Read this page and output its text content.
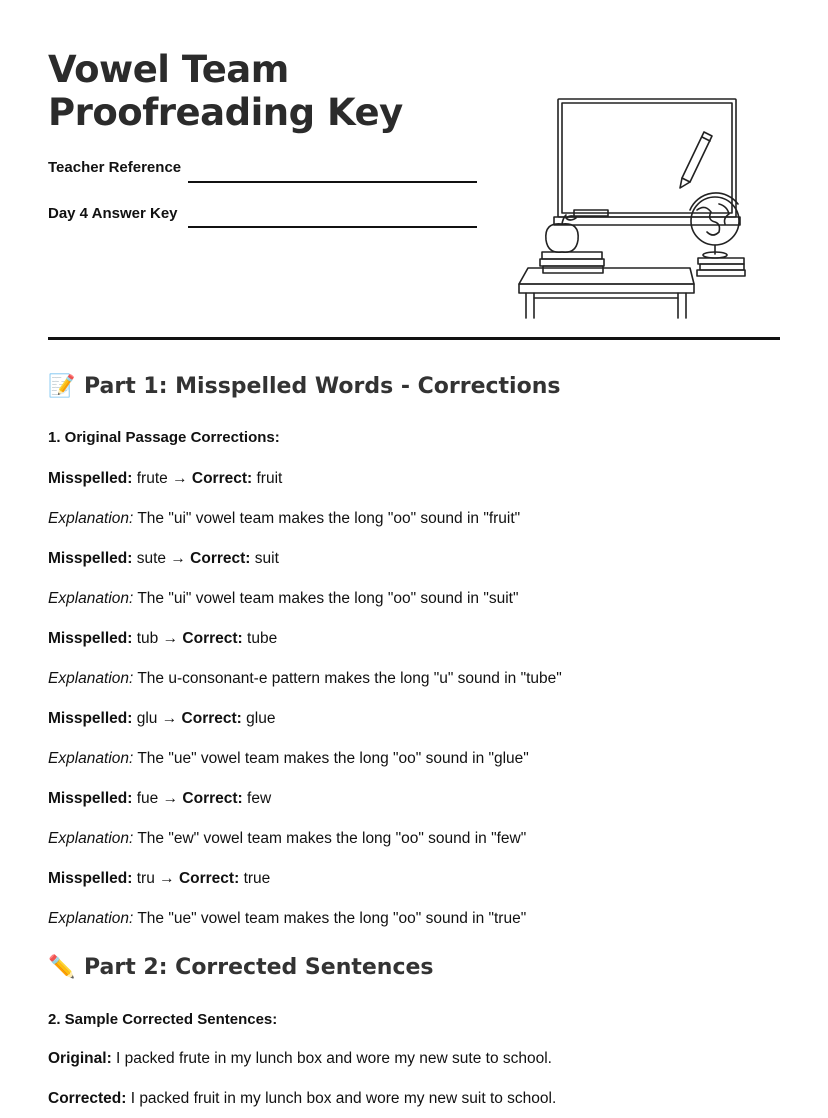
Vowel Team
Proofreading Key
Teacher Reference
Day 4 Answer Key
📝 Part 1: Misspelled Words - Corrections
1. Original Passage Corrections:
Misspelled: frute → Correct: fruit
Explanation: The "ui" vowel team makes the long "oo" sound in "fruit"
Misspelled: sute → Correct: suit
Explanation: The "ui" vowel team makes the long "oo" sound in "suit"
Misspelled: tub → Correct: tube
Explanation: The u-consonant-e pattern makes the long "u" sound in "tube"
Misspelled: glu → Correct: glue
Explanation: The "ue" vowel team makes the long "oo" sound in "glue"
Misspelled: fue → Correct: few
Explanation: The "ew" vowel team makes the long "oo" sound in "few"
Misspelled: tru → Correct: true
Explanation: The "ue" vowel team makes the long "oo" sound in "true"
✏️ Part 2: Corrected Sentences
2. Sample Corrected Sentences:
Original: I packed frute in my lunch box and wore my new sute to school.
Corrected: I packed fruit in my lunch box and wore my new suit to school.
